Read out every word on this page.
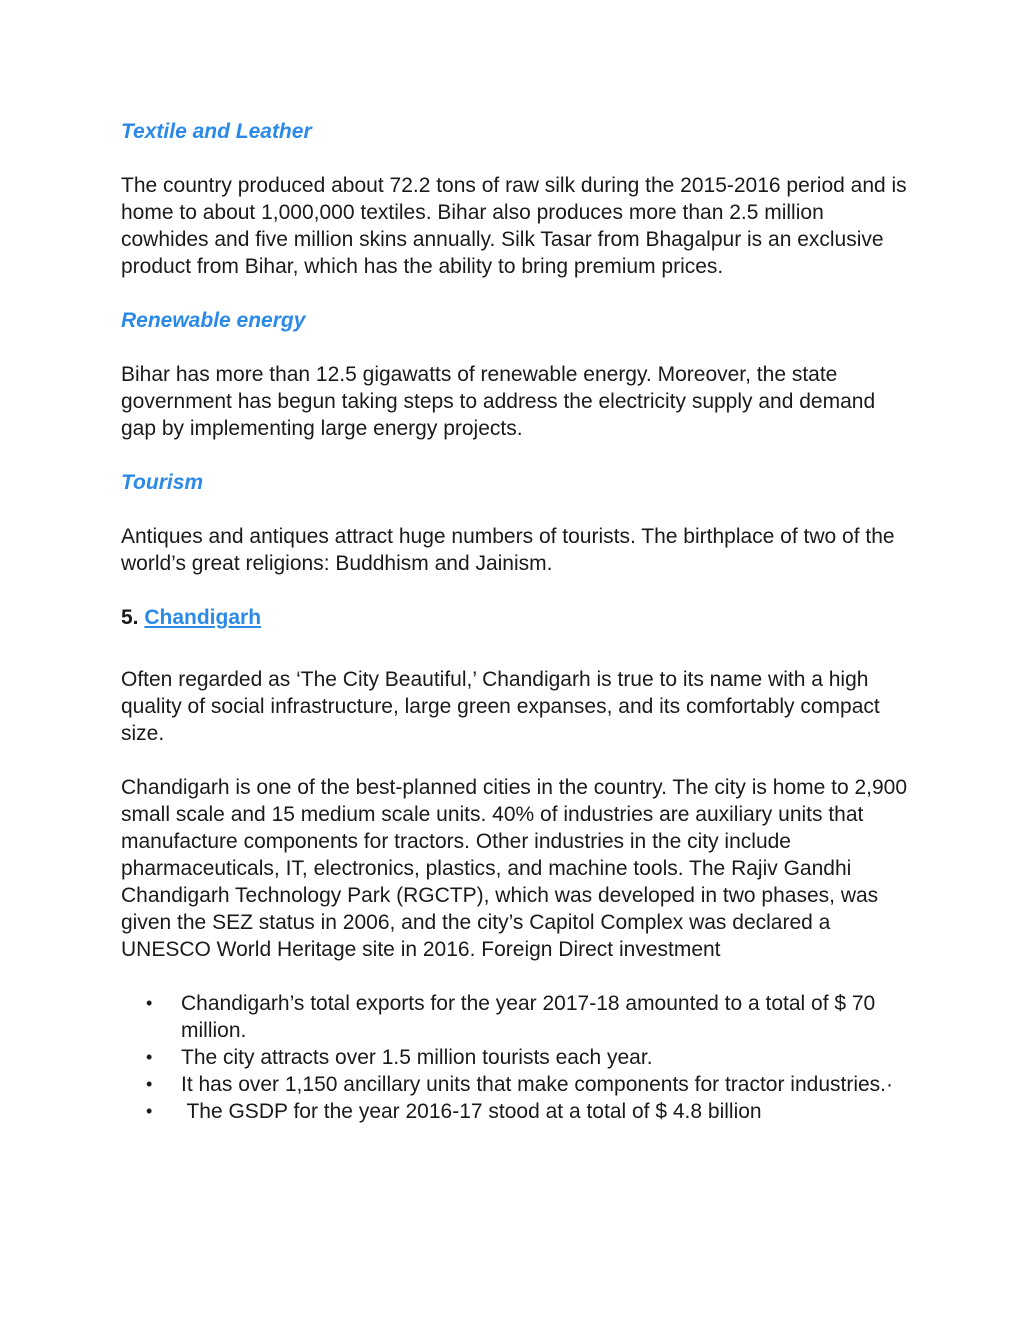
Textile and Leather

The country produced about 72.2 tons of raw silk during the 2015-2016 period and is home to about 1,000,000 textiles. Bihar also produces more than 2.5 million cowhides and five million skins annually. Silk Tasar from Bhagalpur is an exclusive product from Bihar, which has the ability to bring premium prices.

Renewable energy

Bihar has more than 12.5 gigawatts of renewable energy. Moreover, the state government has begun taking steps to address the electricity supply and demand gap by implementing large energy projects.

Tourism

Antiques and antiques attract huge numbers of tourists. The birthplace of two of the world’s great religions: Buddhism and Jainism.

5. Chandigarh

Often regarded as ‘The City Beautiful,’ Chandigarh is true to its name with a high quality of social infrastructure, large green expanses, and its comfortably compact size.

Chandigarh is one of the best-planned cities in the country. The city is home to 2,900 small scale and 15 medium scale units. 40% of industries are auxiliary units that manufacture components for tractors. Other industries in the city include pharmaceuticals, IT, electronics, plastics, and machine tools. The Rajiv Gandhi Chandigarh Technology Park (RGCTP), which was developed in two phases, was given the SEZ status in 2006, and the city’s Capitol Complex was declared a UNESCO World Heritage site in 2016. Foreign Direct investment

• Chandigarh’s total exports for the year 2017-18 amounted to a total of $ 70 million.
• The city attracts over 1.5 million tourists each year.
• It has over 1,150 ancillary units that make components for tractor industries.·
• The GSDP for the year 2016-17 stood at a total of $ 4.8 billion
